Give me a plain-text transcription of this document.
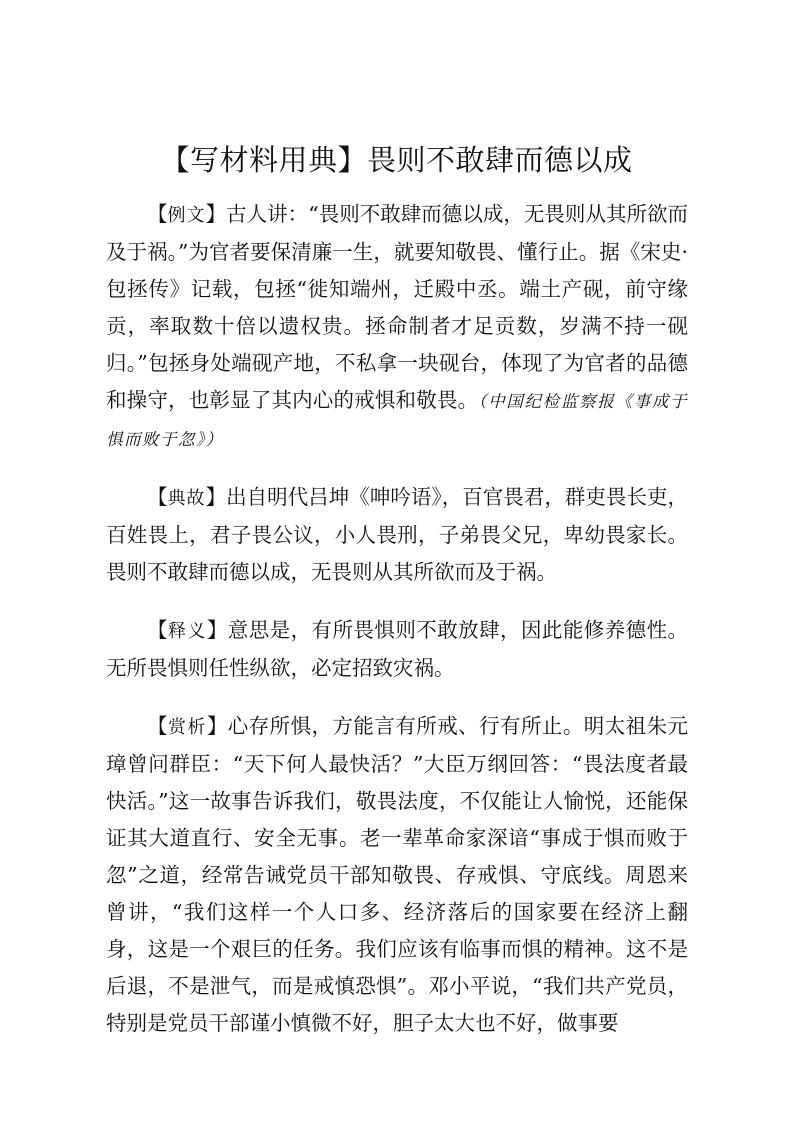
【写材料用典】畏则不敢肆而德以成

【例文】古人讲：“畏则不敢肆而德以成，无畏则从其所欲而及于祸。”为官者要保清廉一生，就要知敬畏、懂行止。据《宋史·包拯传》记载，包拯“徙知端州，迁殿中丞。端土产砚，前守缘贡，率取数十倍以遗权贵。拯命制者才足贡数，岁满不持一砚归。”包拯身处端砚产地，不私拿一块砚台，体现了为官者的品德和操守，也彰显了其内心的戒惧和敬畏。（中国纪检监察报《事成于惧而败于忽》）

【典故】出自明代吕坤《呻吟语》，百官畏君，群吏畏长吏，百姓畏上，君子畏公议，小人畏刑，子弟畏父兄，卑幼畏家长。畏则不敢肆而德以成，无畏则从其所欲而及于祸。

【释义】意思是，有所畏惧则不敢放肆，因此能修养德性。无所畏惧则任性纵欲，必定招致灾祸。

【赏析】心存所惧，方能言有所戒、行有所止。明太祖朱元璋曾问群臣：“天下何人最快活？”大臣万纲回答：“畏法度者最快活。”这一故事告诉我们，敬畏法度，不仅能让人愉悦，还能保证其大道直行、安全无事。老一辈革命家深谙“事成于惧而败于忽”之道，经常告诫党员干部知敬畏、存戒惧、守底线。周恩来曾讲，“我们这样一个人口多、经济落后的国家要在经济上翻身，这是一个艰巨的任务。我们应该有临事而惧的精神。这不是后退，不是泄气，而是戒慎恐惧”。邓小平说，“我们共产党员，特别是党员干部谨小慎微不好，胆子太大也不好，做事要
